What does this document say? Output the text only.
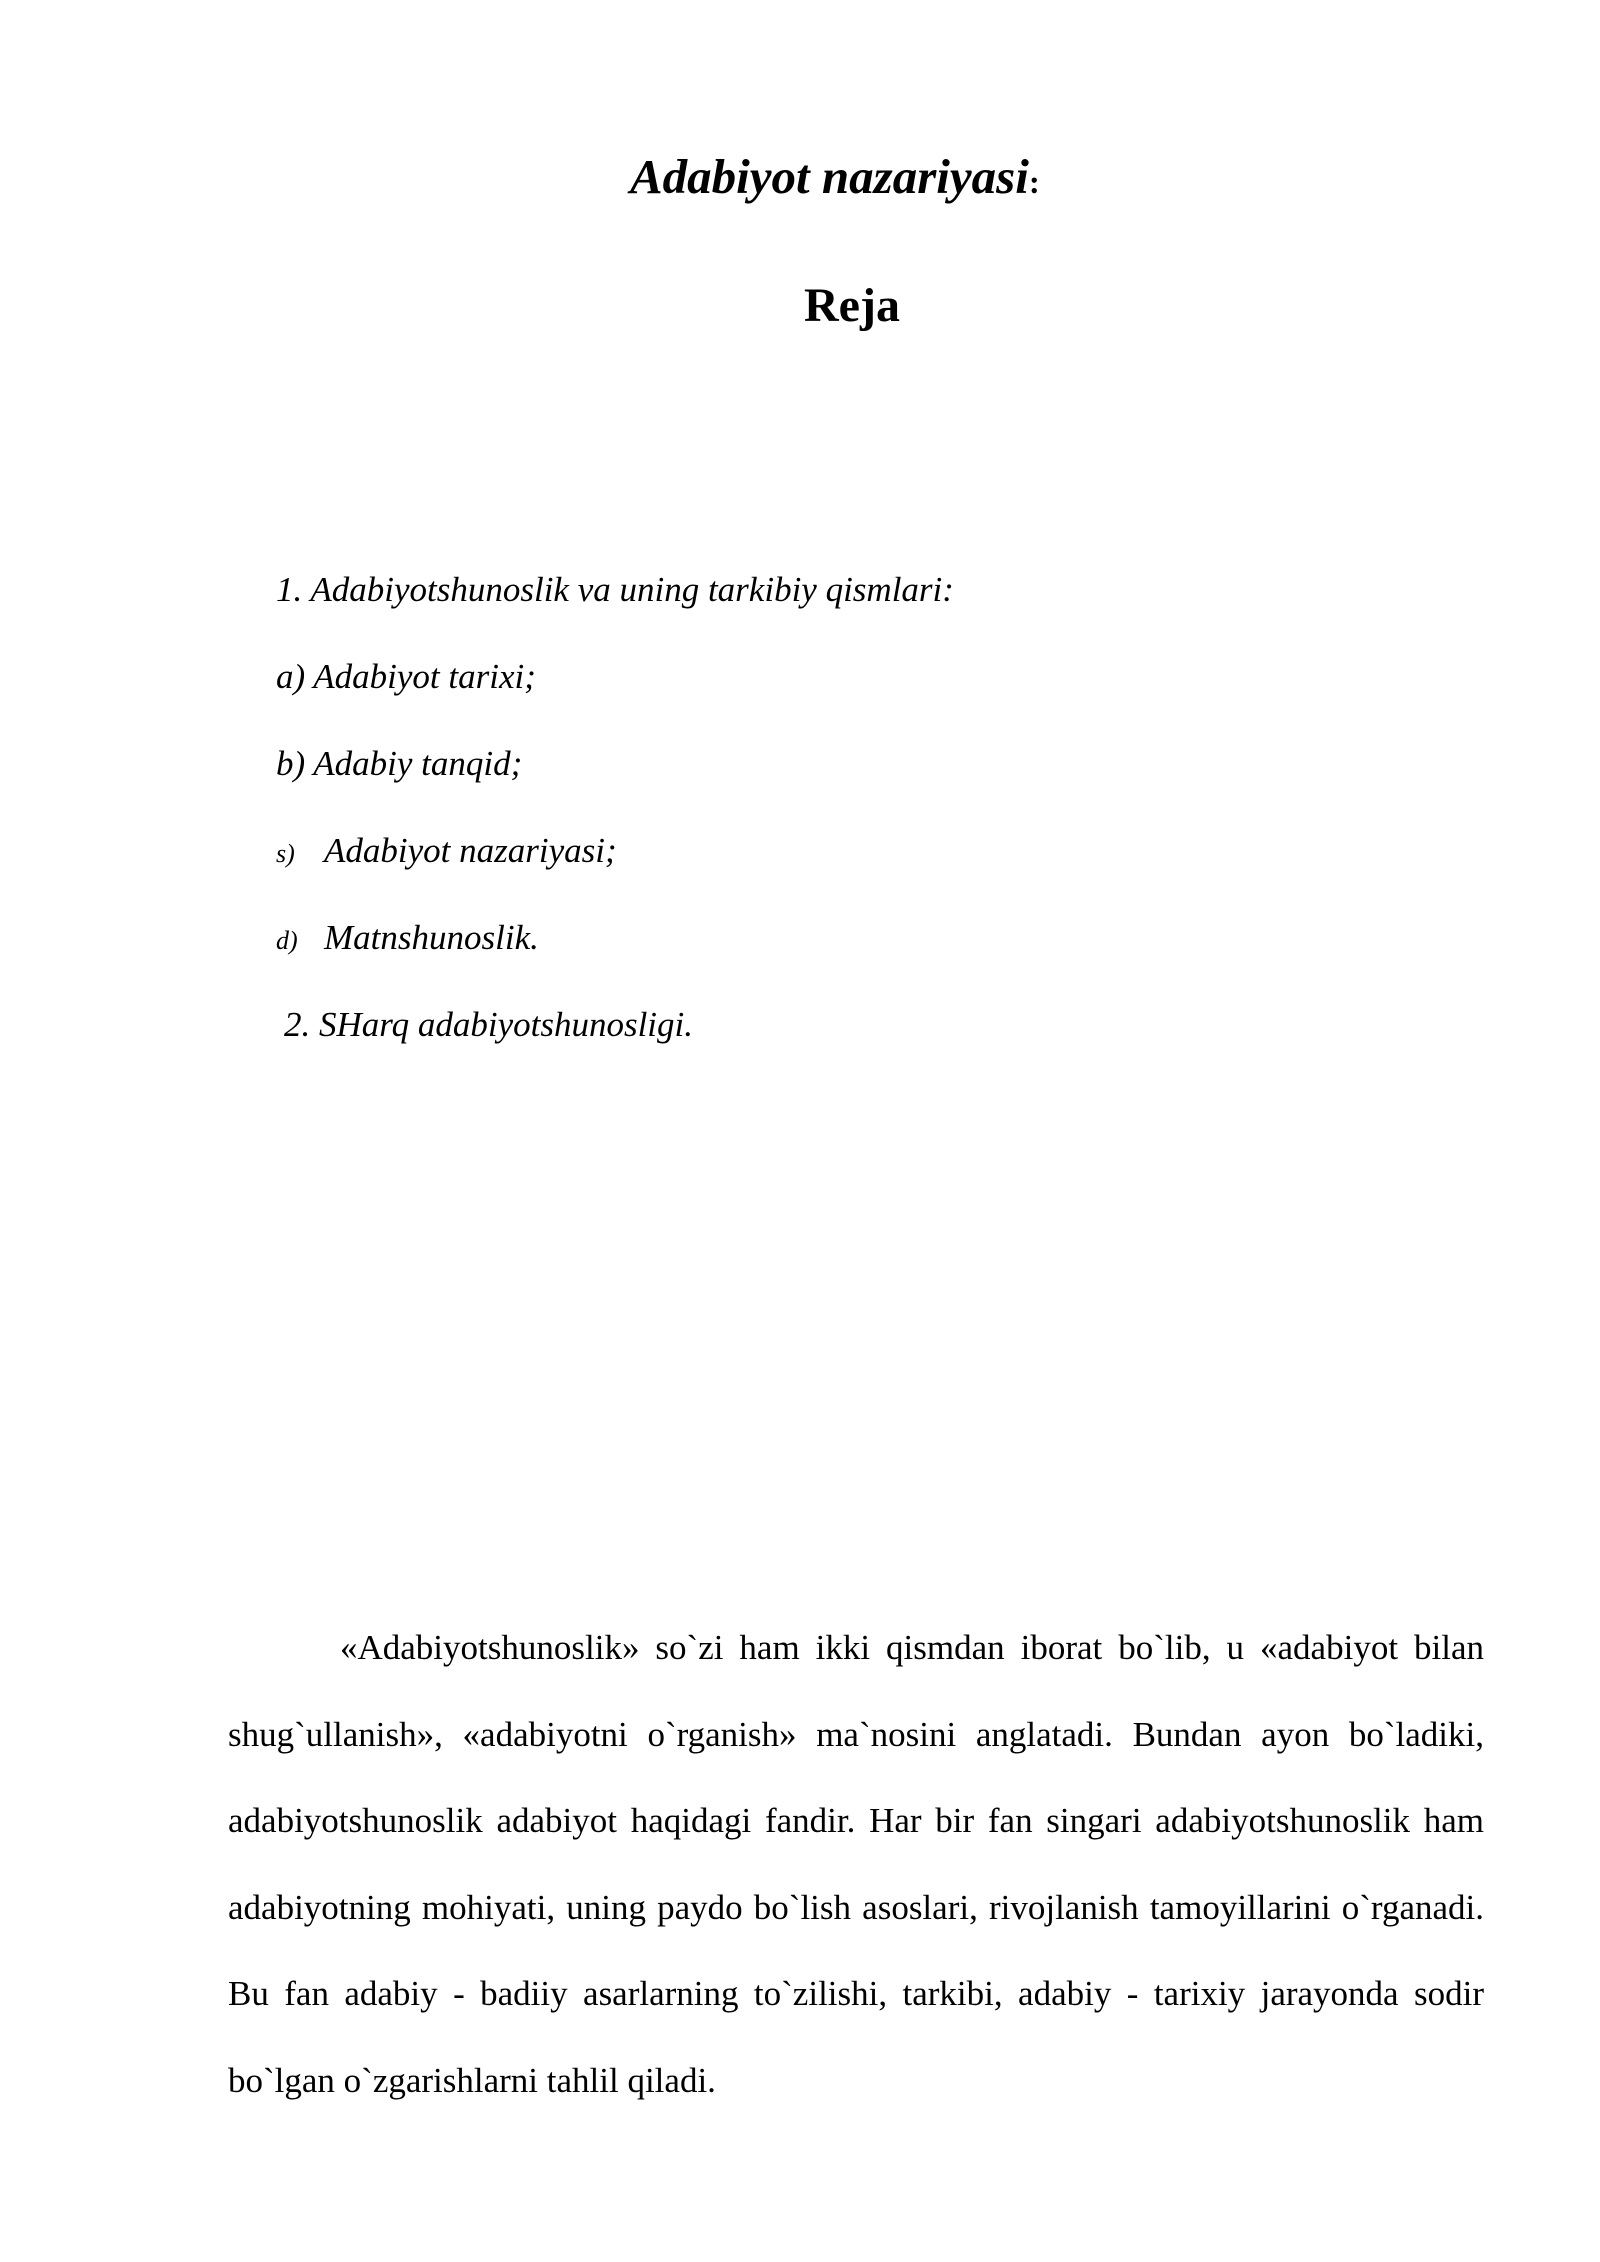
Adabiyot nazariyasi:
Reja
1. Adabiyotshunoslik va uning tarkibiy qismlari:
a) Adabiyot tarixi;
b) Adabiy tanqid;
s) Adabiyot nazariyasi;
d) Matnshunoslik.
2. SHarq adabiyotshunosligi.

«Adabiyotshunoslik» so`zi ham ikki qismdan iborat bo`lib, u «adabiyot bilan shug`ullanish», «adabiyotni o`rganish» ma`nosini anglatadi. Bundan ayon bo`ladiki, adabiyotshunoslik adabiyot haqidagi fandir. Har bir fan singari adabiyotshunoslik ham adabiyotning mohiyati, uning paydo bo`lish asoslari, rivojlanish tamoyillarini o`rganadi. Bu fan adabiy - badiiy asarlarning to`zilishi, tarkibi, adabiy - tarixiy jarayonda sodir bo`lgan o`zgarishlarni tahlil qiladi.
